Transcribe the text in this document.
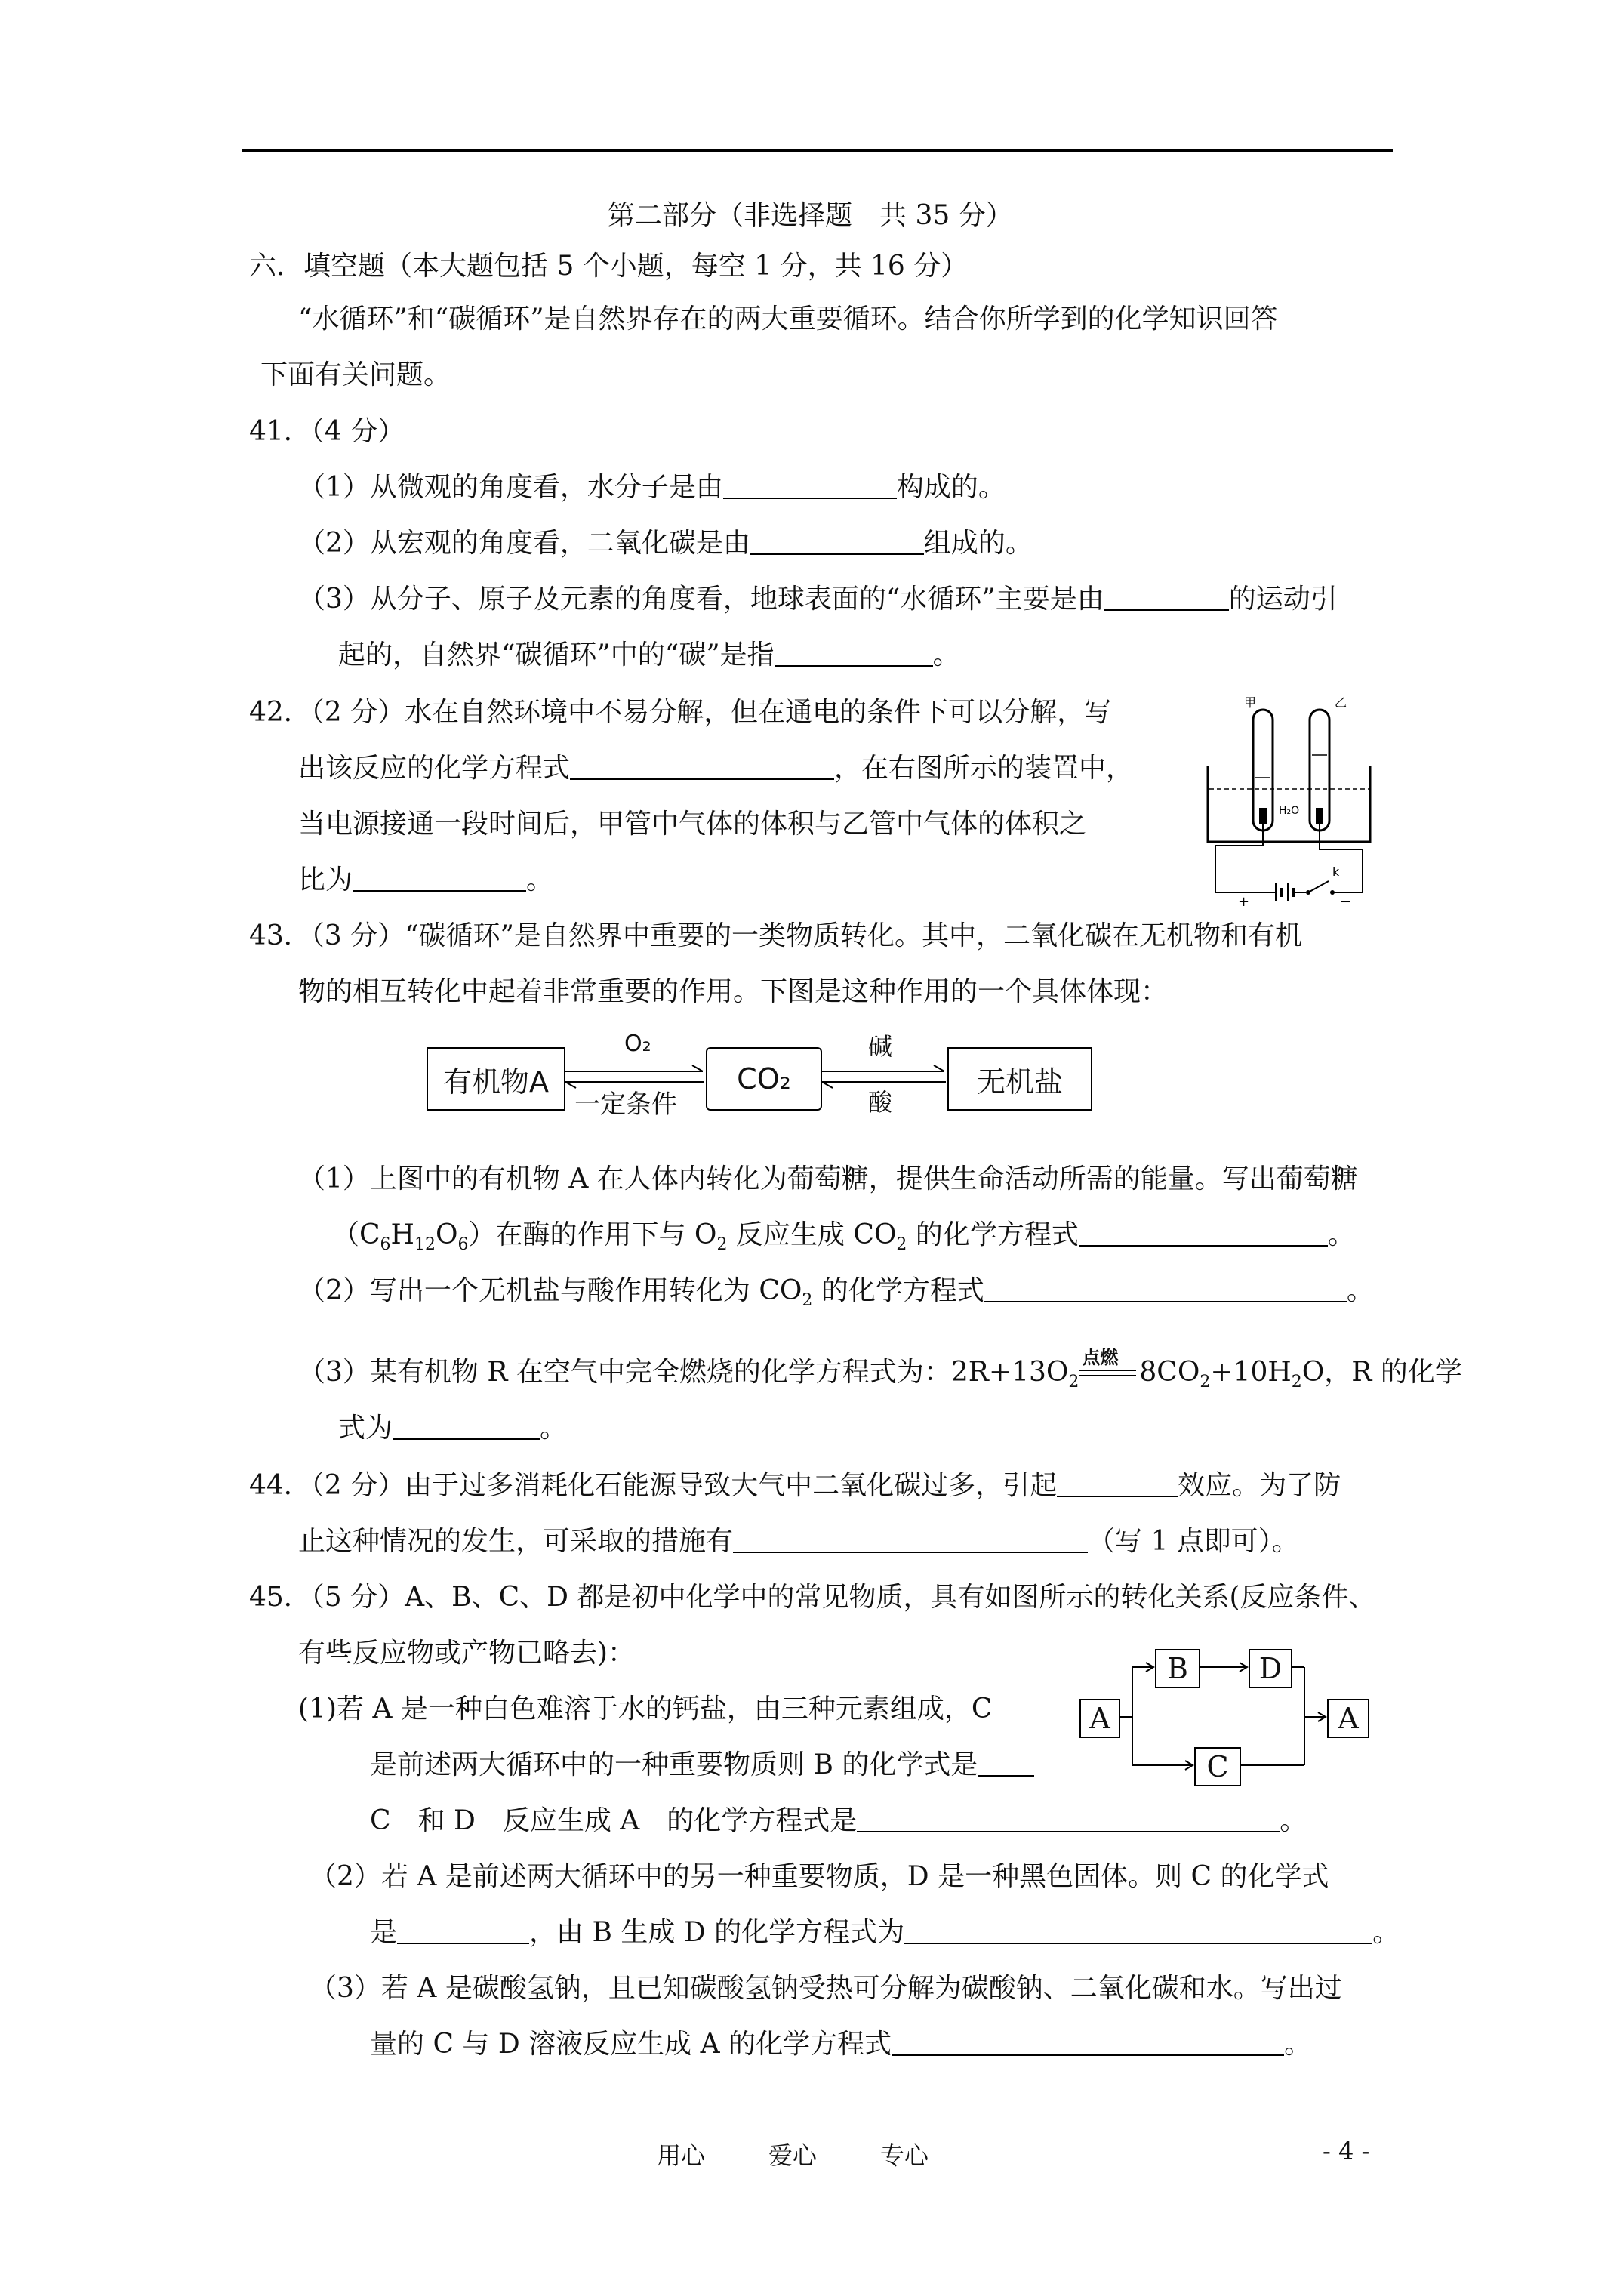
第二部分（非选择题　共 35 分）
六．填空题（本大题包括 5 个小题，每空 1 分，共 16 分）
“水循环”和“碳循环”是自然界存在的两大重要循环。结合你所学到的化学知识回答
下面有关问题。
41．（4 分）
（1）从微观的角度看，水分子是由	构成的。
（2）从宏观的角度看，二氧化碳是由	组成的。
（3）从分子、原子及元素的角度看，地球表面的“水循环”主要是由	的运动引
起的，自然界“碳循环”中的“碳”是指	。
42．（2 分）水在自然环境中不易分解，但在通电的条件下可以分解，写
出该反应的化学方程式	，在右图所示的装置中，
当电源接通一段时间后，甲管中气体的体积与乙管中气体的体积之
比为	。
甲	乙
H₂O
+	−
k
43．（3 分）“碳循环”是自然界中重要的一类物质转化。其中，二氧化碳在无机物和有机
物的相互转化中起着非常重要的作用。下图是这种作用的一个具体体现：
有机物A
O₂
一定条件
CO₂
碱
酸
无机盐
（1）上图中的有机物 A 在人体内转化为葡萄糖，提供生命活动所需的能量。写出葡萄糖
$(C_6H_{12}O_6)$在酶的作用下与 $O_2$ 反应生成 $CO_2$ 的化学方程式	。
（2）写出一个无机盐与酸作用转化为 $CO_2$ 的化学方程式	。
（3）某有机物 R 在空气中完全燃烧的化学方程式为：$2R+13O_2$
点燃 $8CO_2+10H_2O$，R 的化学
式为	。
44．（2 分）由于过多消耗化石能源导致大气中二氧化碳过多，引起	效应。为了防
止这种情况的发生，可采取的措施有	（写 1 点即可）。
45．（5 分）A、B、C、D 都是初中化学中的常见物质，具有如图所示的转化关系(反应条件、
有些反应物或产物已略去)：
(1)若 A 是一种白色难溶于水的钙盐，由三种元素组成，C
是前述两大循环中的一种重要物质则 B 的化学式是
C　和 D　反应生成 A　的化学方程式是	。
A
B D
C
A
（2）若 A 是前述两大循环中的另一种重要物质，D 是一种黑色固体。则 C 的化学式
是	，由 B 生成 D 的化学方程式为	。
（3）若 A 是碳酸氢钠，且已知碳酸氢钠受热可分解为碳酸钠、二氧化碳和水。写出过
量的 C 与 D 溶液反应生成 A 的化学方程式	。
用心	爱心	专心	- 4 -
